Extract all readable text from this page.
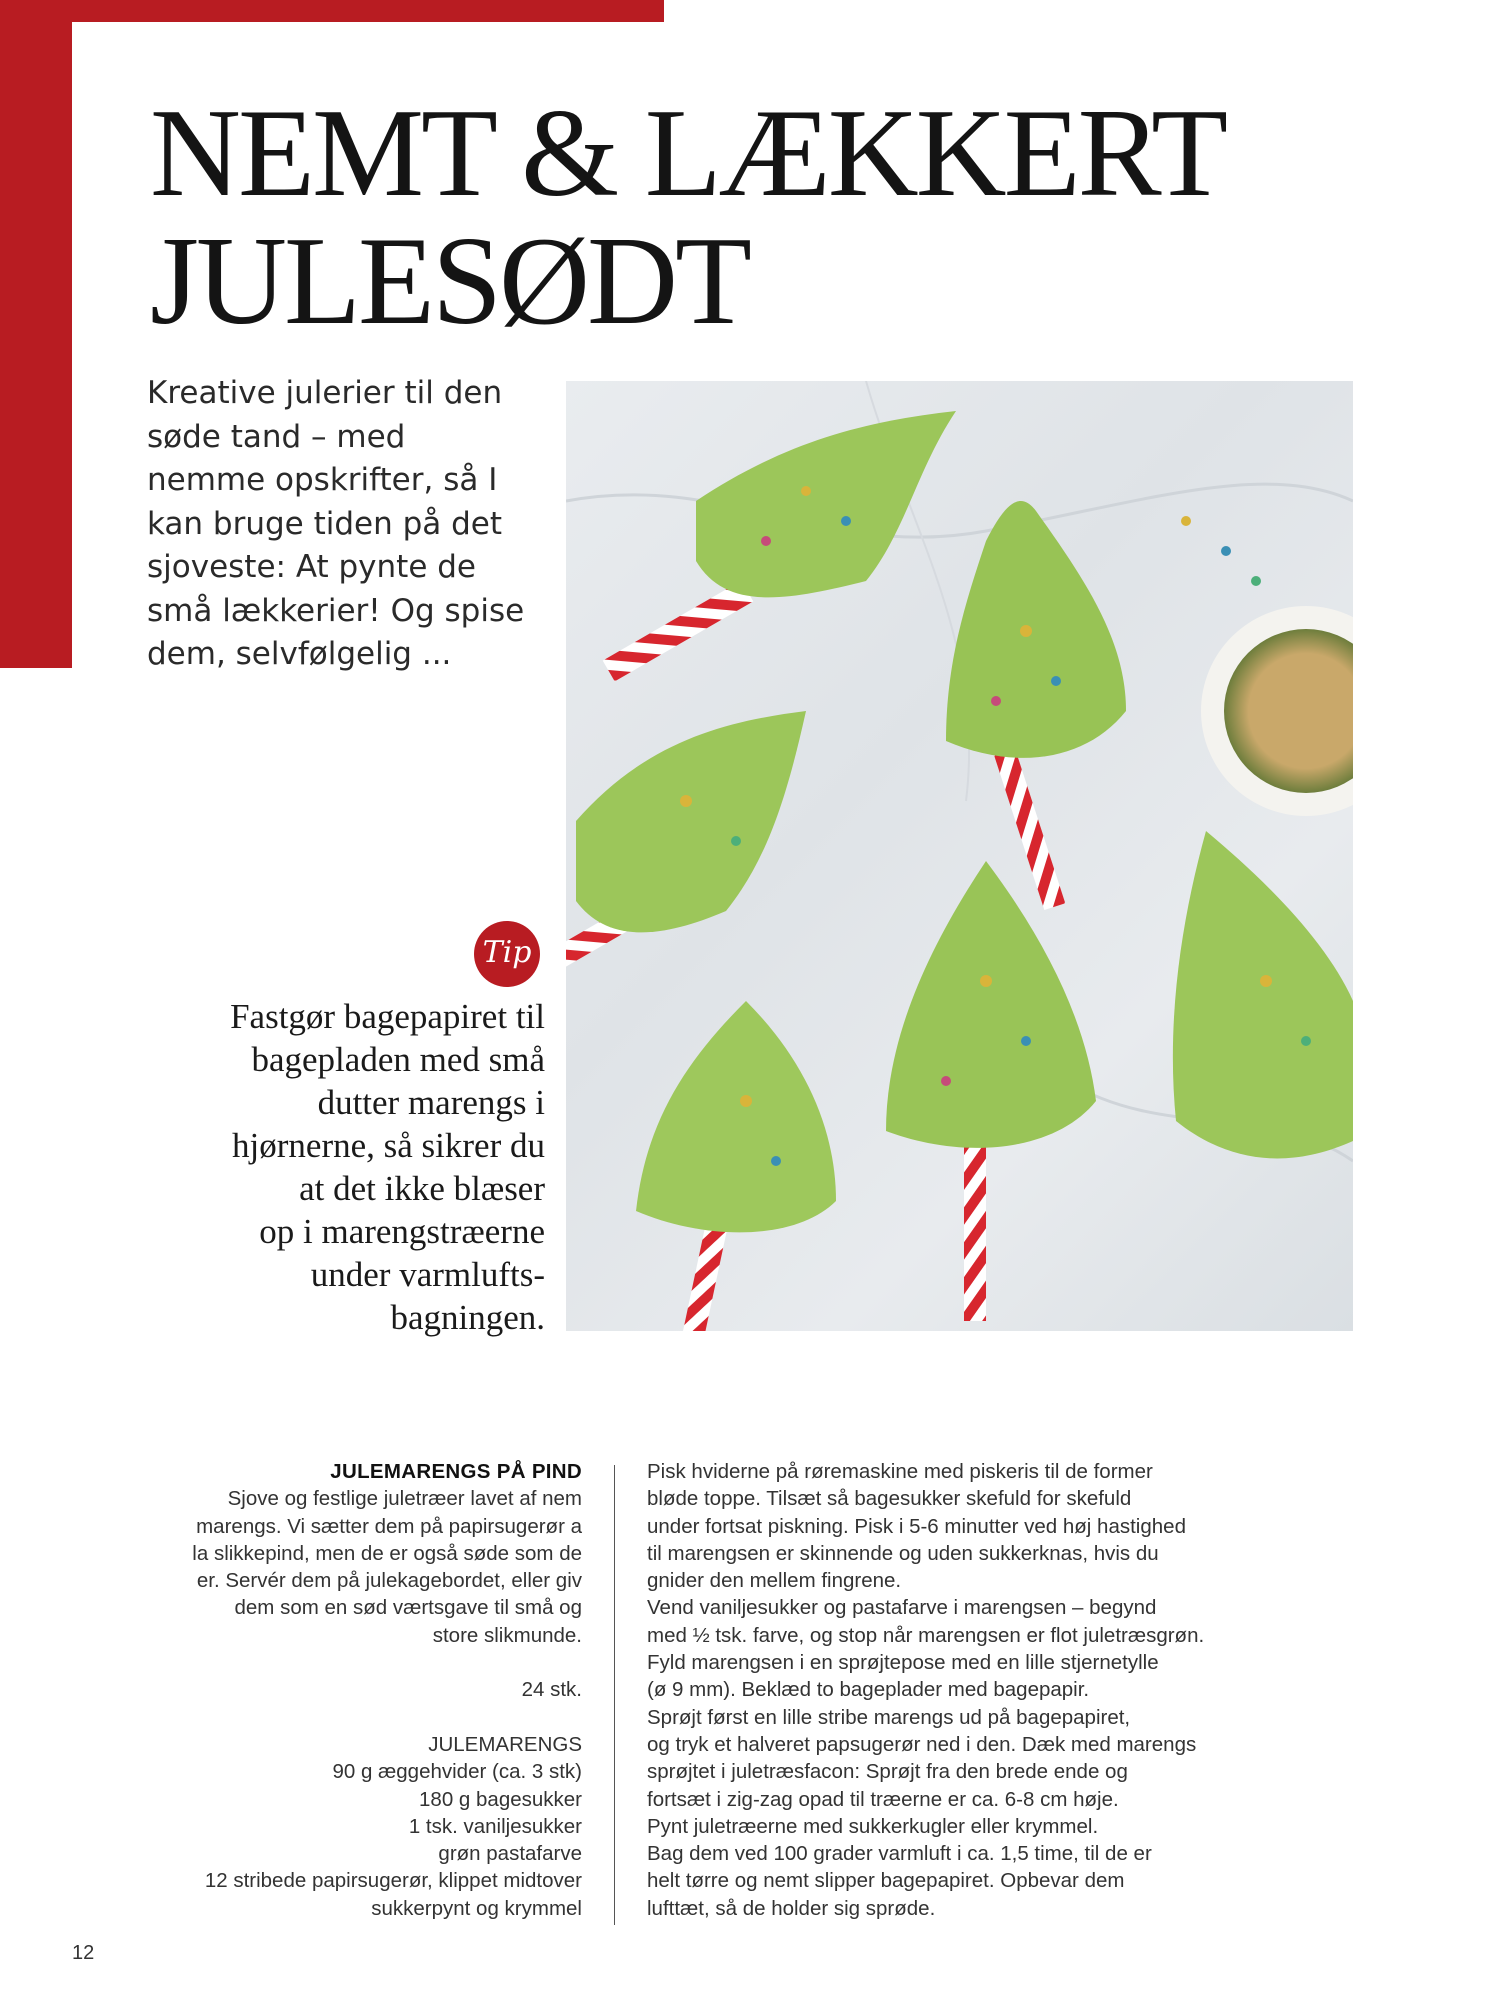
NEMT & LÆKKERT
JULESØDT
Kreative julerier til den
søde tand – med
nemme opskrifter, så I
kan bruge tiden på det
sjoveste: At pynte de
små lækkerier! Og spise
dem, selvfølgelig ...
Tip
Fastgør bagepapiret til
bagepladen med små
dutter marengs i
hjørnerne, så sikrer du
at det ikke blæser
op i marengstræerne
under varmlufts-
bagningen.
JULEMARENGS PÅ PIND
Sjove og festlige juletræer lavet af nem
marengs. Vi sætter dem på papirsugerør a
la slikkepind, men de er også søde som de
er. Servér dem på julekagebordet, eller giv
dem som en sød værtsgave til små og
store slikmunde.
24 stk.
JULEMARENGS
90 g æggehvider (ca. 3 stk)
180 g bagesukker
1 tsk. vaniljesukker
grøn pastafarve
12 stribede papirsugerør, klippet midtover
sukkerpynt og krymmel
Pisk hviderne på røremaskine med piskeris til de former
bløde toppe. Tilsæt så bagesukker skefuld for skefuld
under fortsat piskning. Pisk i 5-6 minutter ved høj hastighed
til marengsen er skinnende og uden sukkerknas, hvis du
gnider den mellem fingrene.
Vend vaniljesukker og pastafarve i marengsen – begynd
med ½ tsk. farve, og stop når marengsen er flot juletræsgrøn.
Fyld marengsen i en sprøjtepose med en lille stjernetylle
(ø 9 mm). Beklæd to bageplader med bagepapir.
Sprøjt først en lille stribe marengs ud på bagepapiret,
og tryk et halveret papsugerør ned i den. Dæk med marengs
sprøjtet i juletræsfacon: Sprøjt fra den brede ende og
fortsæt i zig-zag opad til træerne er ca. 6-8 cm høje.
Pynt juletræerne med sukkerkugler eller krymmel.
Bag dem ved 100 grader varmluft i ca. 1,5 time, til de er
helt tørre og nemt slipper bagepapiret. Opbevar dem
lufttæt, så de holder sig sprøde.
12
